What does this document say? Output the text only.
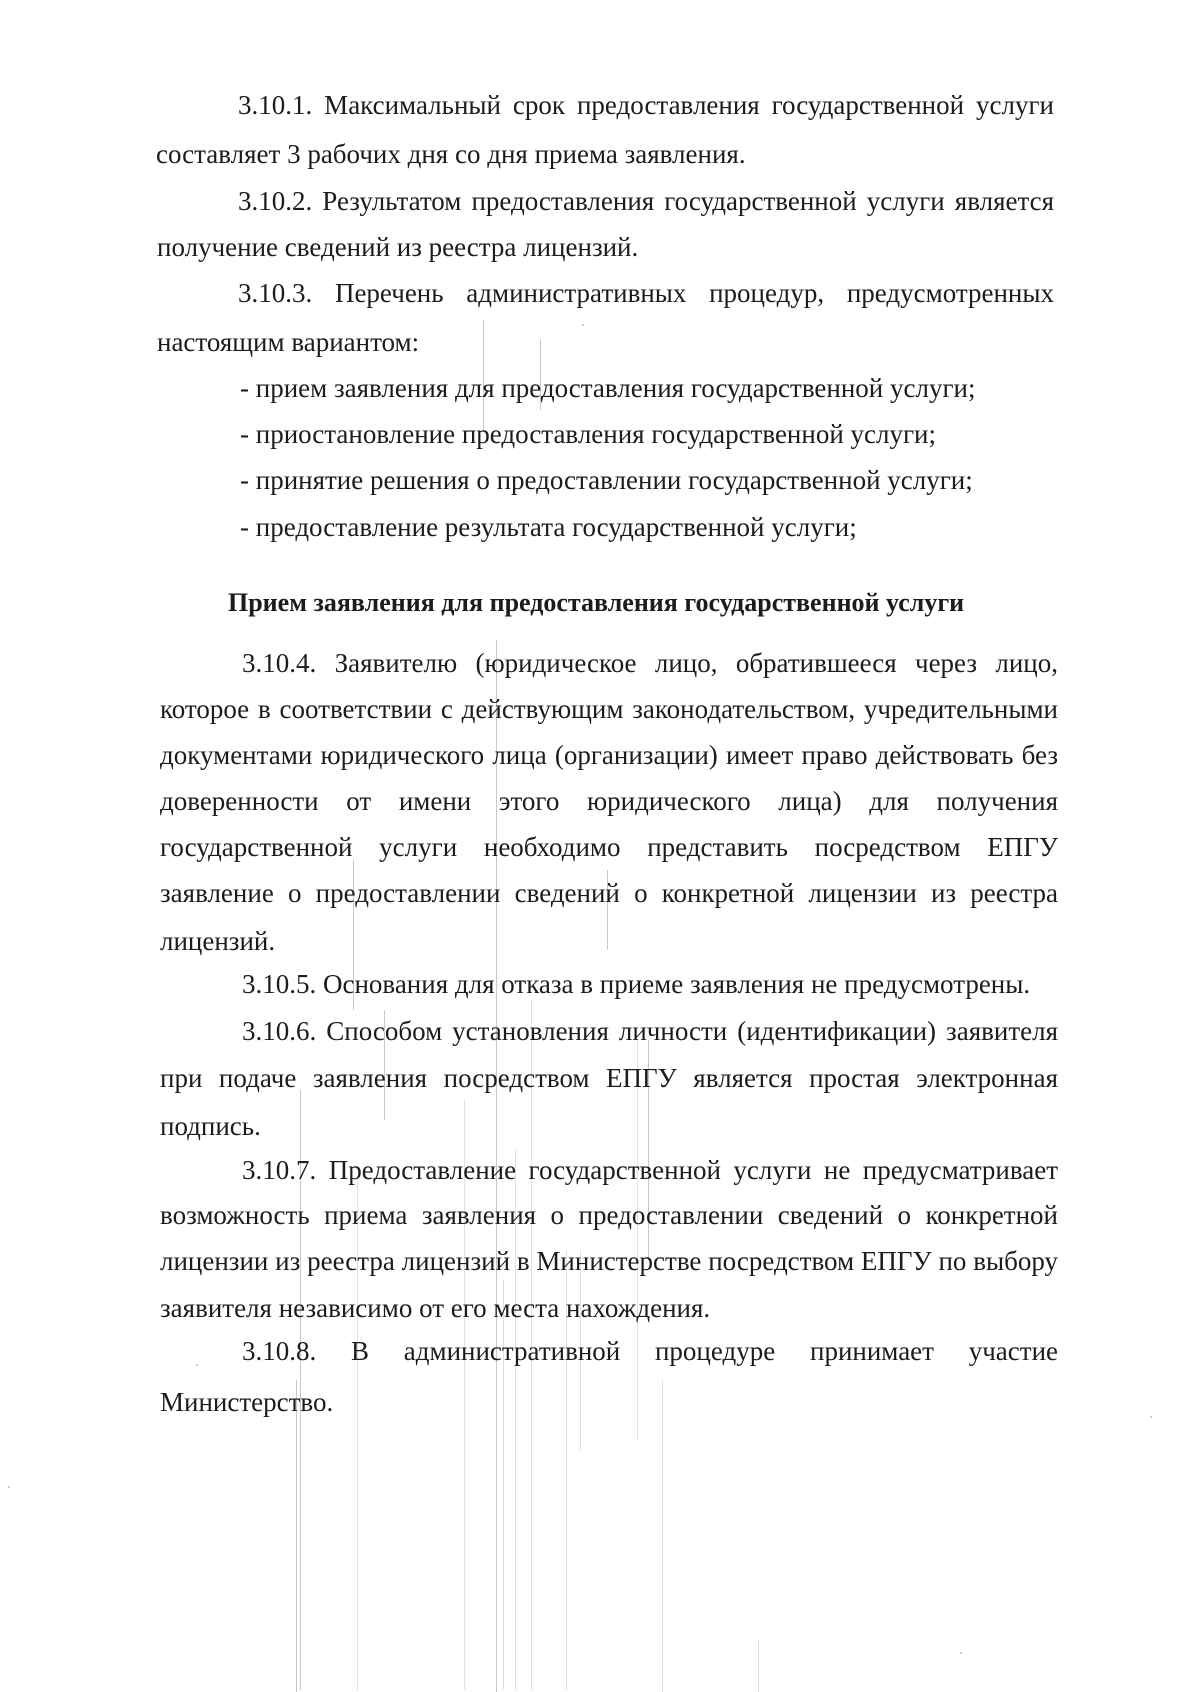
3.10.1. Максимальный срок предоставления государственной услуги
составляет 3 рабочих дня со дня приема заявления.
3.10.2. Результатом предоставления государственной услуги является
получение сведений из реестра лицензий.
3.10.3. Перечень административных процедур, предусмотренных
настоящим вариантом:
- прием заявления для предоставления государственной услуги;
- приостановление предоставления государственной услуги;
- принятие решения о предоставлении государственной услуги;
- предоставление результата государственной услуги;
Прием заявления для предоставления государственной услуги
3.10.4. Заявителю (юридическое лицо, обратившееся через лицо,
которое в соответствии с действующим законодательством, учредительными
документами юридического лица (организации) имеет право действовать без
доверенности от имени этого юридического лица) для получения
государственной услуги необходимо представить посредством ЕПГУ
заявление о предоставлении сведений о конкретной лицензии из реестра
лицензий.
3.10.5. Основания для отказа в приеме заявления не предусмотрены.
3.10.6. Способом установления личности (идентификации) заявителя
при подаче заявления посредством ЕПГУ является простая электронная
подпись.
3.10.7. Предоставление государственной услуги не предусматривает
возможность приема заявления о предоставлении сведений о конкретной
лицензии из реестра лицензий в Министерстве посредством ЕПГУ по выбору
заявителя независимо от его места нахождения.
3.10.8. В административной процедуре принимает участие
Министерство.
